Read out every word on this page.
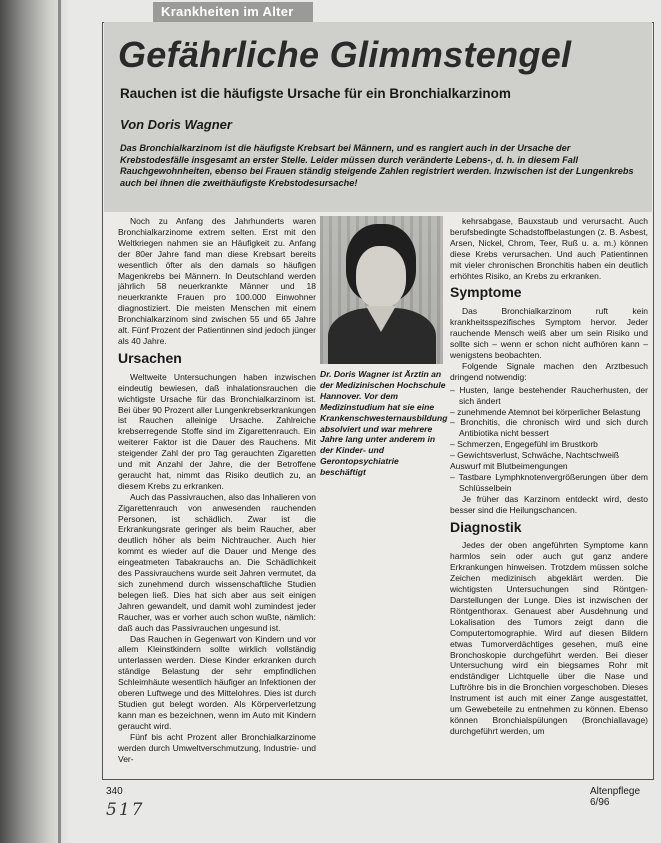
Krankheiten im Alter
Gefährliche Glimmstengel
Rauchen ist die häufigste Ursache für ein Bronchialkarzinom
Von Doris Wagner
Das Bronchialkarzinom ist die häufigste Krebsart bei Männern, und es rangiert auch in der Ursache der Krebstodesfälle insgesamt an erster Stelle. Leider müssen durch veränderte Lebens-, d. h. in diesem Fall Rauchgewohnheiten, ebenso bei Frauen ständig steigende Zahlen registriert werden. Inzwischen ist der Lungenkrebs auch bei ihnen die zweithäufigste Krebstodesursache!

Noch zu Anfang des Jahrhunderts waren Bronchialkarzinome extrem selten. Erst mit den Weltkriegen nahmen sie an Häufigkeit zu. Anfang der 80er Jahre fand man diese Krebsart bereits wesentlich öfter als den damals so häufigen Magenkrebs bei Männern. In Deutschland werden jährlich 58 neuerkrankte Männer und 18 neuerkrankte Frauen pro 100.000 Einwohner diagnostiziert. Die meisten Menschen mit einem Bronchialkarzinom sind zwischen 55 und 65 Jahre alt. Fünf Prozent der Patientinnen sind jedoch jünger als 40 Jahre.

Ursachen

Weltweite Untersuchungen haben inzwischen eindeutig bewiesen, daß inhalationsrauchen die wichtigste Ursache für das Bronchialkarzinom ist. Bei über 90 Prozent aller Lungenkrebserkrankungen ist Rauchen alleinige Ursache. Zahlreiche krebserregende Stoffe sind im Zigarettenrauch. Ein weiterer Faktor ist die Dauer des Rauchens. Mit steigender Zahl der pro Tag gerauchten Zigaretten und mit Anzahl der Jahre, die der Betroffene geraucht hat, nimmt das Risiko deutlich zu, an diesem Krebs zu erkranken.

Auch das Passivrauchen, also das Inhalieren von Zigarettenrauch von anwesenden rauchenden Personen, ist schädlich. Zwar ist die Erkrankungsrate geringer als beim Raucher, aber deutlich höher als beim Nichtraucher. Auch hier kommt es wieder auf die Dauer und Menge des eingeatmeten Tabakrauchs an. Die Schädlichkeit des Passivrauchens wurde seit Jahren vermutet, da sich zunehmend durch wissenschaftliche Studien belegen ließ. Dies hat sich aber aus seit einigen Jahren gewandelt, und damit wohl zumindest jeder Raucher, was er vorher auch schon wußte, nämlich: daß auch das Passivrauchen ungesund ist.

Das Rauchen in Gegenwart von Kindern und vor allem Kleinstkindern sollte wirklich vollständig unterlassen werden. Diese Kinder erkranken durch ständige Belastung der sehr empfindlichen Schleimhäute wesentlich häufiger an Infektionen der oberen Luftwege und des Mittelohres. Dies ist durch Studien gut belegt worden. Als Körperverletzung kann man es bezeichnen, wenn im Auto mit Kindern geraucht wird.

Fünf bis acht Prozent aller Bronchialkarzinome werden durch Umweltverschmutzung, Industrie- und Ver-

Dr. Doris Wagner ist Ärztin an der Medizinischen Hochschule Hannover. Vor dem Medizinstudium hat sie eine Krankenschwesternausbildung absolviert und war mehrere Jahre lang unter anderem in der Kinder- und Gerontopsychiatrie beschäftigt

kehrsabgase, Bauxstaub und verursacht. Auch berufsbedingte Schadstoffbelastungen (z. B. Asbest, Arsen, Nickel, Chrom, Teer, Ruß u. a. m.) können diese Krebs verursachen. Und auch Patientinnen mit vieler chronischen Bronchitis haben ein deutlich erhöhtes Risiko, an Krebs zu erkranken.

Symptome

Das Bronchialkarzinom ruft kein krankheitsspezifisches Symptom hervor. Jeder rauchende Mensch weiß aber um sein Risiko und sollte sich – wenn er schon nicht aufhören kann – wenigstens beobachten.

Folgende Signale machen den Arztbesuch dringend notwendig:

– Husten, lange bestehender Raucherhusten, der sich ändert
– zunehmende Atemnot bei körperlicher Belastung
– Bronchitis, die chronisch wird und sich durch Antibiotika nicht bessert
– Schmerzen, Engegefühl im Brustkorb
– Gewichtsverlust, Schwäche, Nachtschweiß
Auswurf mit Blutbeimengungen
– Tastbare Lymphknotenvergrößerungen über dem Schlüsselbein

Je früher das Karzinom entdeckt wird, desto besser sind die Heilungschancen.

Diagnostik

Jedes der oben angeführten Symptome kann harmlos sein oder auch gut ganz andere Erkrankungen hinweisen. Trotzdem müssen solche Zeichen medizinisch abgeklärt werden. Die wichtigsten Untersuchungen sind Röntgen-Darstellungen der Lunge. Dies ist inzwischen der Röntgenthorax. Genauest aber Ausdehnung und Lokalisation des Tumors zeigt dann die Computertomographie. Wird auf diesen Bildern etwas Tumorverdächtiges gesehen, muß eine Bronchoskopie durchgeführt werden. Bei dieser Untersuchung wird ein biegsames Rohr mit endständiger Lichtquelle über die Nase und Luftröhre bis in die Bronchien vorgeschoben. Dieses Instrument ist auch mit einer Zange ausgestattet, um Gewebeteile zu entnehmen zu können. Ebenso können Bronchialspülungen (Bronchiallavage) durchgeführt werden, um

340	Altenpflege 6/96
517
